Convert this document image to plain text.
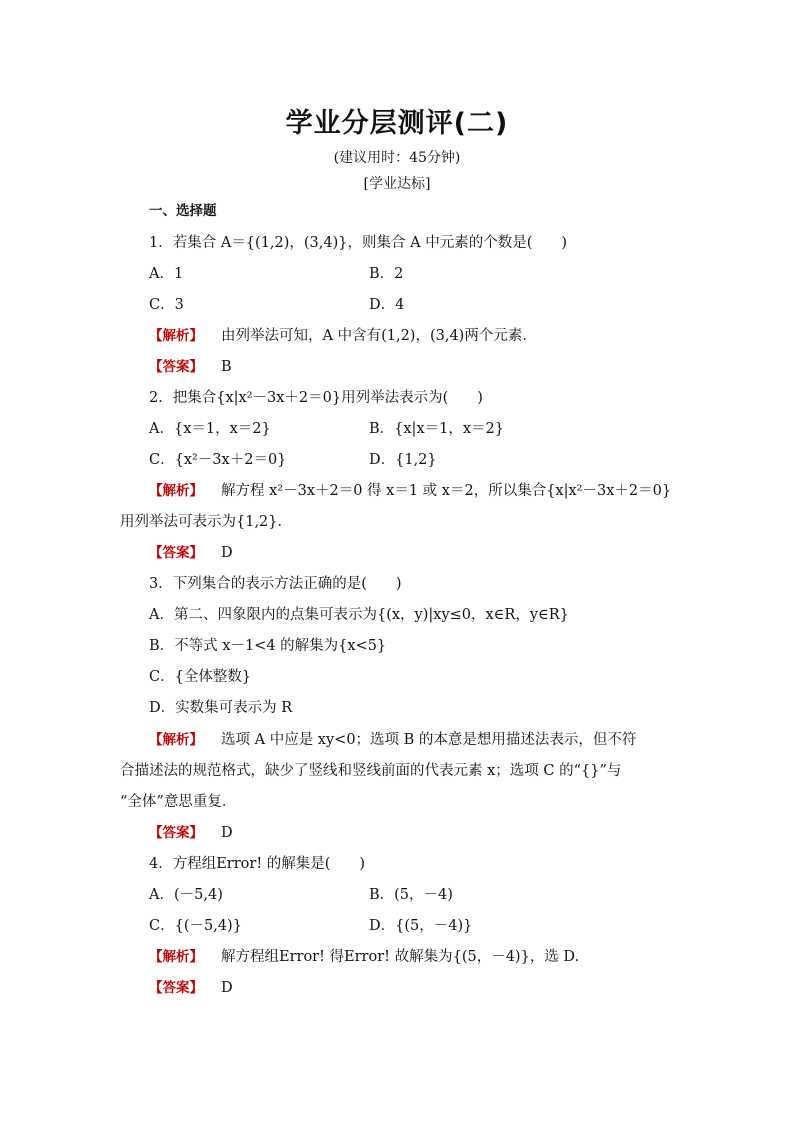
学业分层测评(二)
(建议用时：45分钟)
[学业达标]
一、选择题
1．若集合 A＝{(1,2)，(3,4)}，则集合 A 中元素的个数是(　　)
A．1	B．2
C．3	D．4
【解析】 由列举法可知，A 中含有(1,2)，(3,4)两个元素．
【答案】 B
2．把集合{x|x²－3x＋2＝0}用列举法表示为(　　)
A．{x＝1，x＝2}	B．{x|x＝1，x＝2}
C．{x²－3x＋2＝0}	D．{1,2}
【解析】 解方程 x²－3x＋2＝0 得 x＝1 或 x＝2，所以集合{x|x²－3x＋2＝0}
用列举法可表示为{1,2}．
【答案】 D
3．下列集合的表示方法正确的是(　　)
A．第二、四象限内的点集可表示为{(x，y)|xy≤0，x∈R，y∈R}
B．不等式 x－1<4 的解集为{x<5}
C．{全体整数}
D．实数集可表示为 R
【解析】 选项 A 中应是 xy<0；选项 B 的本意是想用描述法表示，但不符
合描述法的规范格式，缺少了竖线和竖线前面的代表元素 x；选项 C 的“{}”与
“全体”意思重复．
【答案】 D
4．方程组Error! 的解集是(　　)
A．(－5,4)	B．(5，－4)
C．{(－5,4)}	D．{(5，－4)}
【解析】 解方程组Error! 得Error! 故解集为{(5，－4)}，选 D.
【答案】 D
